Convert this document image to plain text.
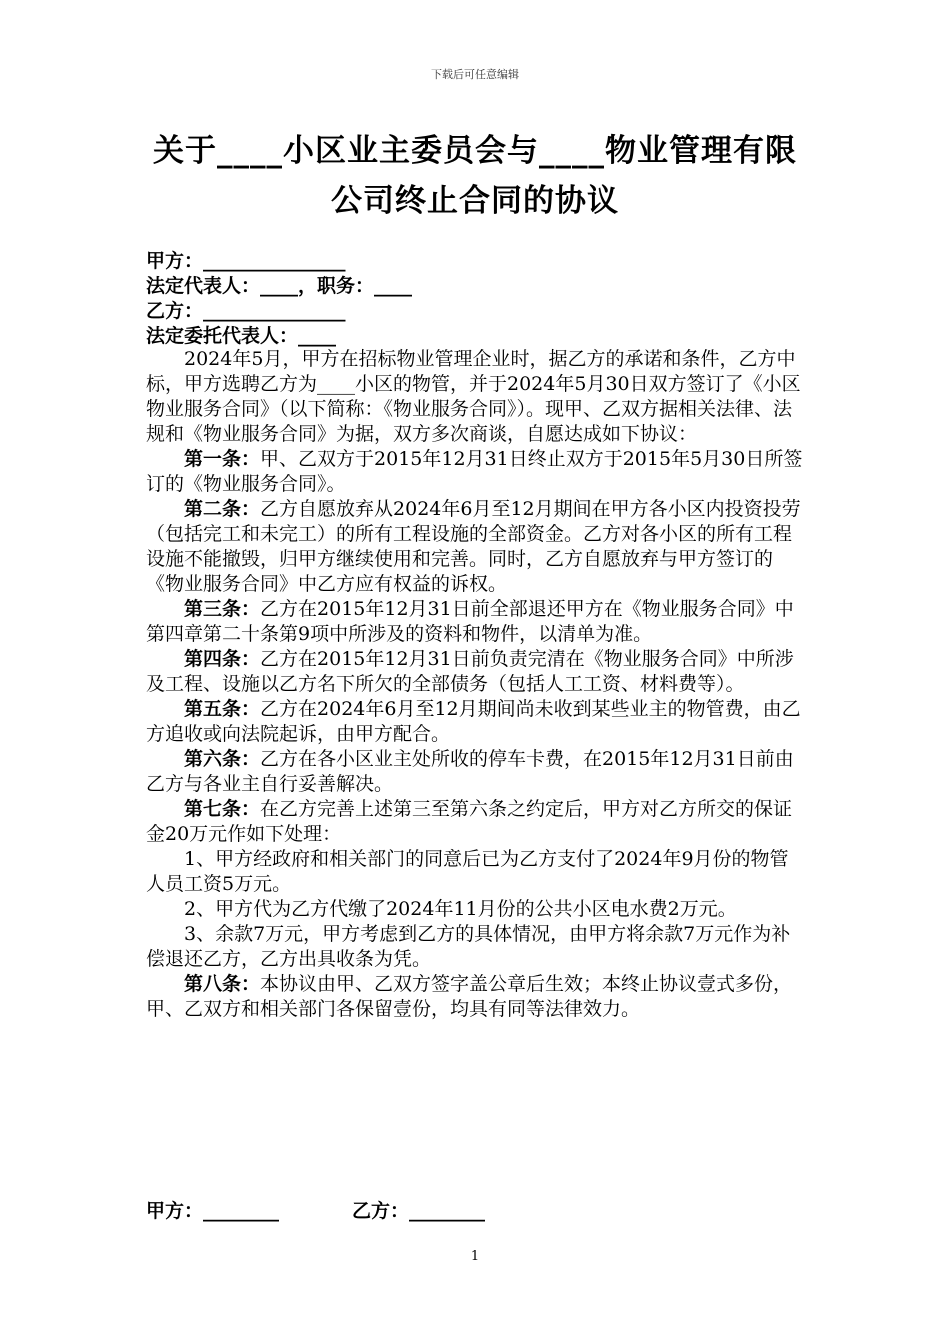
下载后可任意编辑
关于____小区业主委员会与____物业管理有限
公司终止合同的协议
甲方：_______________
法定代表人：____，职务：____
乙方：_______________
法定委托代表人：____

2024年5月，甲方在招标物业管理企业时，据乙方的承诺和条件，乙方中标，甲方选聘乙方为____小区的物管，并于2024年5月30日双方签订了《小区物业服务合同》（以下简称：《物业服务合同》）。现甲、乙双方据相关法律、法规和《物业服务合同》为据，双方多次商谈，自愿达成如下协议：

第一条：甲、乙双方于2015年12月31日终止双方于2015年5月30日所签订的《物业服务合同》。

第二条：乙方自愿放弃从2024年6月至12月期间在甲方各小区内投资投劳（包括完工和未完工）的所有工程设施的全部资金。乙方对各小区的所有工程设施不能撤毁，归甲方继续使用和完善。同时，乙方自愿放弃与甲方签订的《物业服务合同》中乙方应有权益的诉权。

第三条：乙方在2015年12月31日前全部退还甲方在《物业服务合同》中第四章第二十条第9项中所涉及的资料和物件，以清单为准。

第四条：乙方在2015年12月31日前负责完清在《物业服务合同》中所涉及工程、设施以乙方名下所欠的全部债务（包括人工工资、材料费等）。

第五条：乙方在2024年6月至12月期间尚未收到某些业主的物管费，由乙方追收或向法院起诉，由甲方配合。

第六条：乙方在各小区业主处所收的停车卡费，在2015年12月31日前由乙方与各业主自行妥善解决。

第七条：在乙方完善上述第三至第六条之约定后，甲方对乙方所交的保证金20万元作如下处理：

1、甲方经政府和相关部门的同意后已为乙方支付了2024年9月份的物管人员工资5万元。

2、甲方代为乙方代缴了2024年11月份的公共小区电水费2万元。

3、余款7万元，甲方考虑到乙方的具体情况，由甲方将余款7万元作为补偿退还乙方，乙方出具收条为凭。

第八条：本协议由甲、乙双方签字盖公章后生效；本终止协议壹式多份，甲、乙双方和相关部门各保留壹份，均具有同等法律效力。

甲方：________	乙方：________
1
